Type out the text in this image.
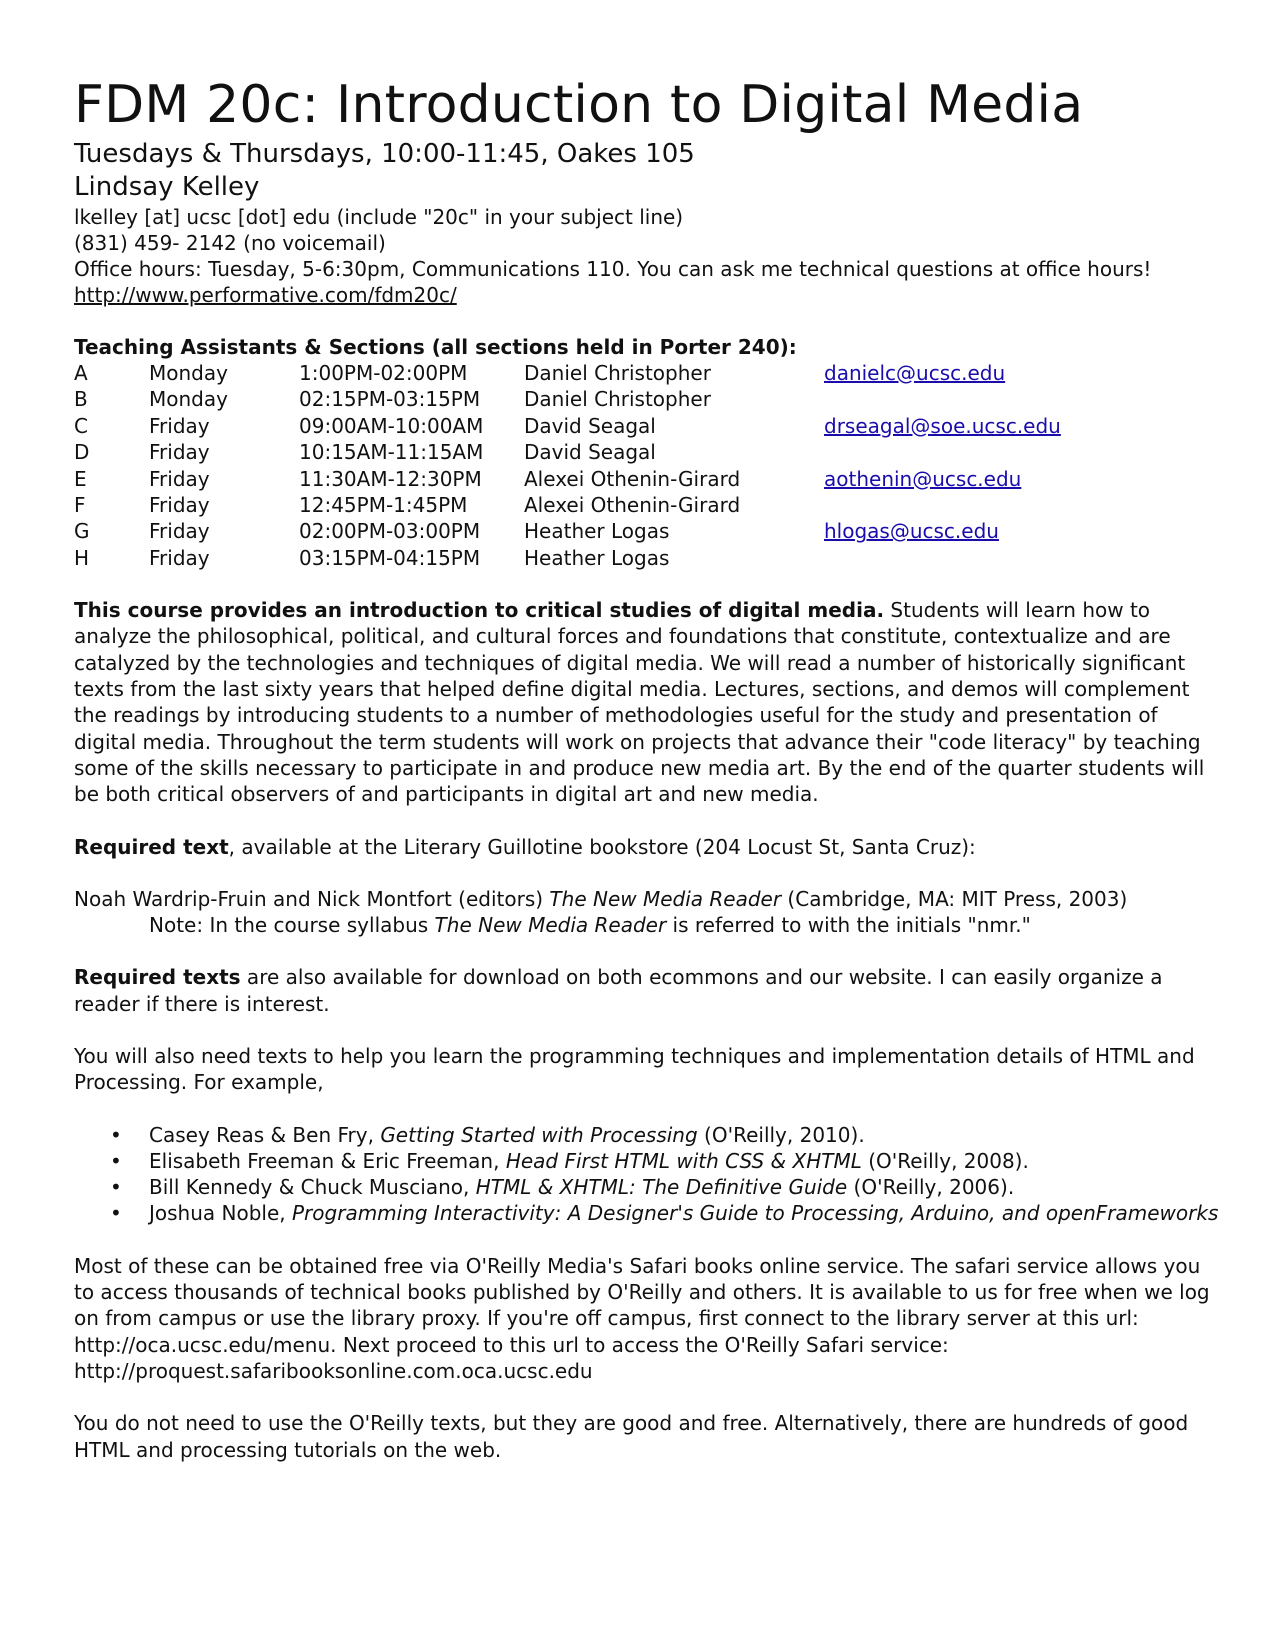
FDM 20c: Introduction to Digital Media
Tuesdays & Thursdays, 10:00-11:45, Oakes 105
Lindsay Kelley
lkelley [at] ucsc [dot] edu (include "20c" in your subject line)
(831) 459- 2142 (no voicemail)
Office hours: Tuesday, 5-6:30pm, Communications 110. You can ask me technical questions at office hours!
http://www.performative.com/fdm20c/
Teaching Assistants & Sections (all sections held in Porter 240):
A	Monday	1:00PM-02:00PM	Daniel Christopher	danielc@ucsc.edu
B	Monday	02:15PM-03:15PM	Daniel Christopher	
C	Friday	09:00AM-10:00AM	David Seagal	drseagal@soe.ucsc.edu
D	Friday	10:15AM-11:15AM	David Seagal	
E	Friday	11:30AM-12:30PM	Alexei Othenin-Girard	aothenin@ucsc.edu
F	Friday	12:45PM-1:45PM	Alexei Othenin-Girard	
G	Friday	02:00PM-03:00PM	Heather Logas	hlogas@ucsc.edu
H	Friday	03:15PM-04:15PM	Heather Logas	

This course provides an introduction to critical studies of digital media. Students will learn how to analyze the philosophical, political, and cultural forces and foundations that constitute, contextualize and are catalyzed by the technologies and techniques of digital media. We will read a number of historically significant texts from the last sixty years that helped define digital media. Lectures, sections, and demos will complement the readings by introducing students to a number of methodologies useful for the study and presentation of digital media. Throughout the term students will work on projects that advance their "code literacy" by teaching some of the skills necessary to participate in and produce new media art. By the end of the quarter students will be both critical observers of and participants in digital art and new media.

Required text, available at the Literary Guillotine bookstore (204 Locust St, Santa Cruz):

Noah Wardrip-Fruin and Nick Montfort (editors) The New Media Reader (Cambridge, MA: MIT Press, 2003)

Note: In the course syllabus The New Media Reader is referred to with the initials "nmr."

Required texts are also available for download on both ecommons and our website. I can easily organize a reader if there is interest.

You will also need texts to help you learn the programming techniques and implementation details of HTML and Processing. For example,

• Casey Reas & Ben Fry, Getting Started with Processing (O'Reilly, 2010).
• Elisabeth Freeman & Eric Freeman, Head First HTML with CSS & XHTML (O'Reilly, 2008).
• Bill Kennedy & Chuck Musciano, HTML & XHTML: The Definitive Guide (O'Reilly, 2006).
• Joshua Noble, Programming Interactivity: A Designer's Guide to Processing, Arduino, and openFrameworks

Most of these can be obtained free via O'Reilly Media's Safari books online service. The safari service allows you to access thousands of technical books published by O'Reilly and others. It is available to us for free when we log on from campus or use the library proxy. If you're off campus, first connect to the library server at this url: http://oca.ucsc.edu/menu. Next proceed to this url to access the O'Reilly Safari service: http://proquest.safaribooksonline.com.oca.ucsc.edu

You do not need to use the O'Reilly texts, but they are good and free. Alternatively, there are hundreds of good HTML and processing tutorials on the web.
